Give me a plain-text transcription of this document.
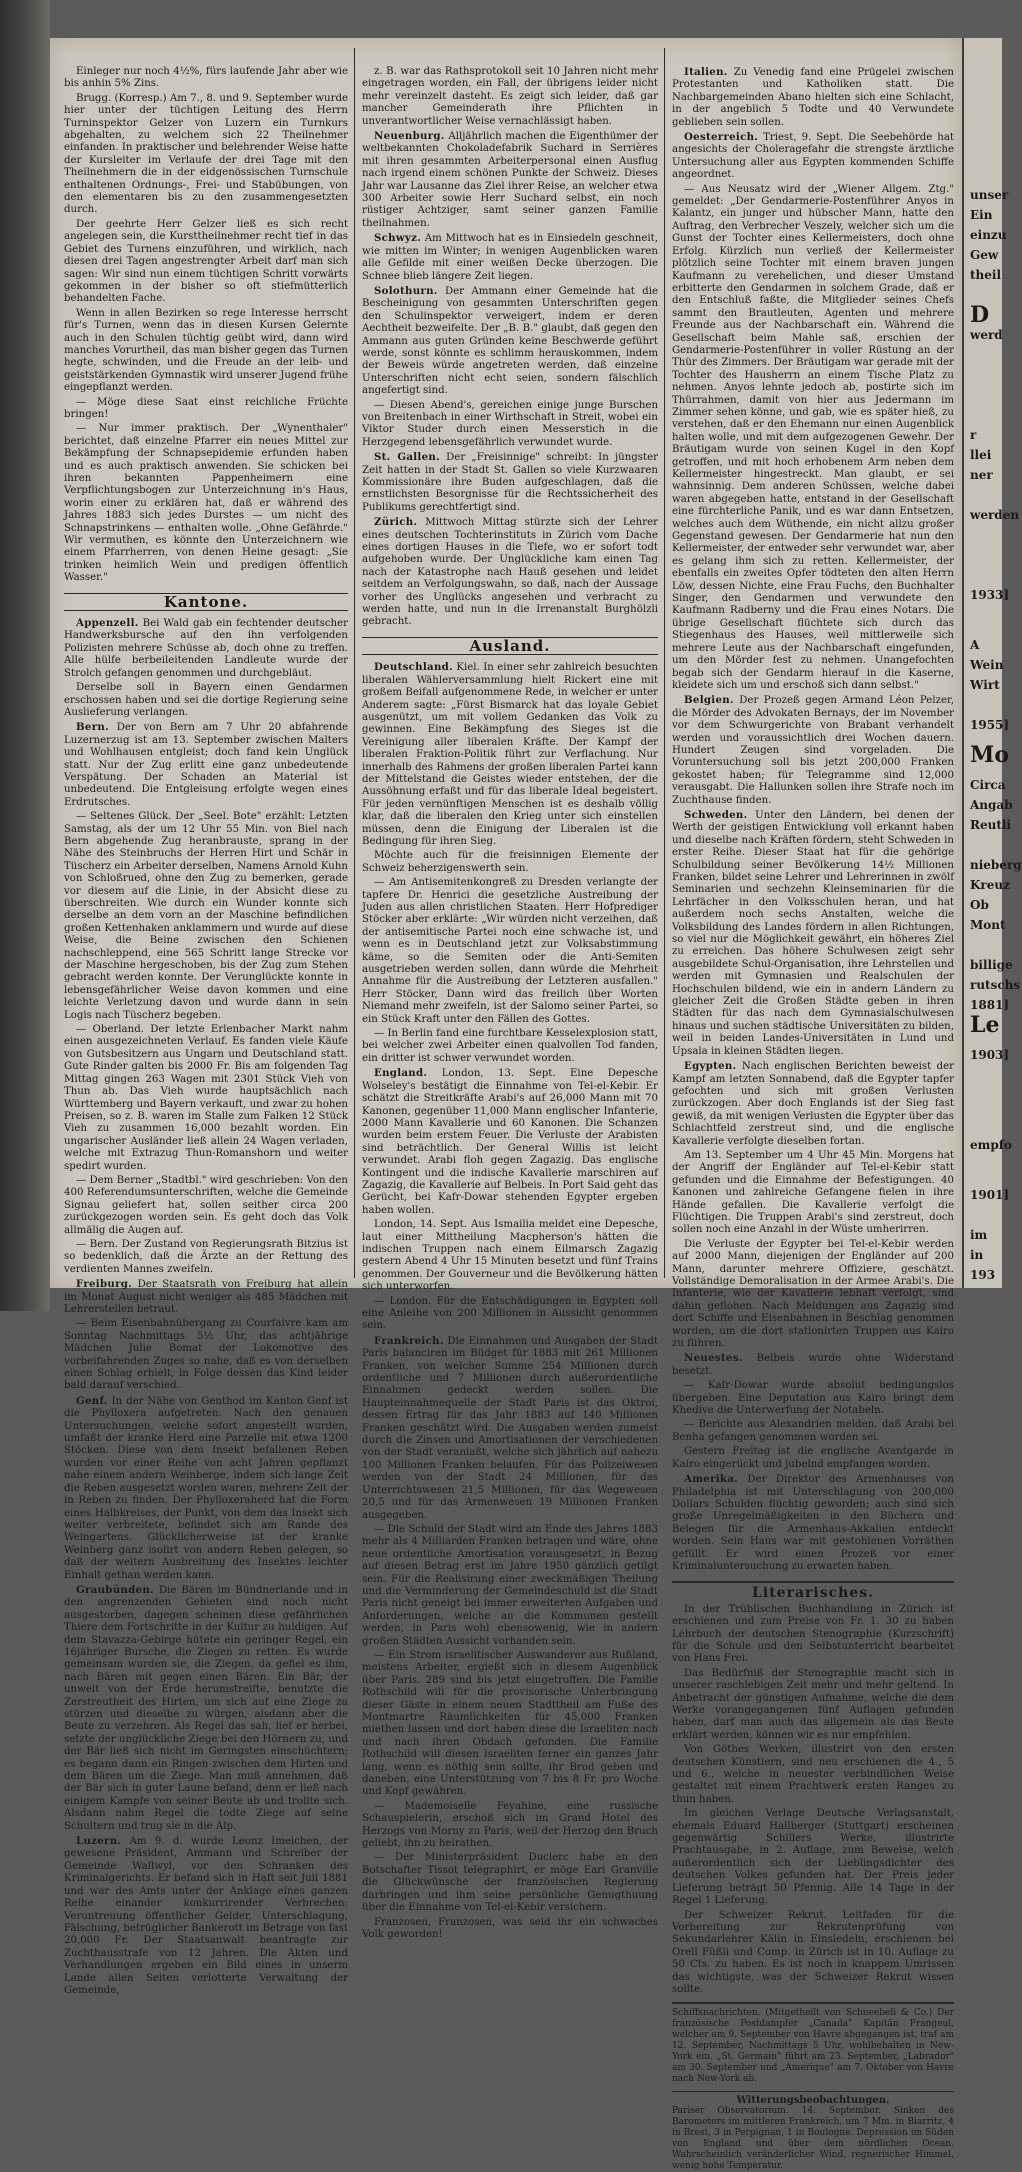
Einleger nur noch 4½%, fürs laufende Jahr aber wie bis anhin 5% Zins.

Brugg. (Korresp.) Am 7., 8. und 9. September wurde hier unter der tüchtigen Leitung des Herrn Turninspektor Gelzer von Luzern ein Turnkurs abgehalten, zu welchem sich 22 Theilnehmer einfanden. In praktischer und belehrender Weise hatte der Kursleiter im Verlaufe der drei Tage mit den Theilnehmern die in der eidgenössischen Turnschule enthaltenen Ordnungs-, Frei- und Stabübungen, von den elementaren bis zu den zusammengesetzten durch.

Der geehrte Herr Gelzer ließ es sich recht angelegen sein, die Kursttheilnehmer recht tief in das Gebiet des Turnens einzuführen, und wirklich, nach diesen drei Tagen angestrengter Arbeit darf man sich sagen: Wir sind nun einem tüchtigen Schritt vorwärts gekommen in der bisher so oft stiefmütterlich behandelten Fache.

Wenn in allen Bezirken so rege Interesse herrscht für's Turnen, wenn das in diesen Kursen Gelernte auch in den Schulen tüchtig geübt wird, dann wird manches Vorurtheil, das man bisher gegen das Turnen hegte, schwinden, und die Freude an der leib- und geiststärkenden Gymnastik wird unserer Jugend frühe eingepflanzt werden.

— Möge diese Saat einst reichliche Früchte bringen!

— Nur immer praktisch. Der „Wynenthaler" berichtet, daß einzelne Pfarrer ein neues Mittel zur Bekämpfung der Schnapsepidemie erfunden haben und es auch praktisch anwenden. Sie schicken bei ihren bekannten Pappenheimern eine Verpflichtungsbogen zur Unterzeichnung in's Haus, worin einer zu erklären hat, daß er während des Jahres 1883 sich jedes Durstes — um nicht des Schnapstrinkens — enthalten wolle. „Ohne Gefährde." Wir vermuthen, es könnte den Unterzeichnern wie einem Pfarrherren, von denen Heine gesagt: „Sie trinken heimlich Wein und predigen öffentlich Wasser."

Kantone.

Appenzell. Bei Wald gab ein fechtender deutscher Handwerksbursche auf den ihn verfolgenden Polizisten mehrere Schüsse ab, doch ohne zu treffen. Alle hülfe berbeileitenden Landleute wurde der Strolch gefangen genommen und durchgebläut.

Derselbe soll in Bayern einen Gendarmen erschossen haben und sei die dortige Regierung seine Auslieferung verlangen.

Bern. Der von Bern am 7 Uhr 20 abfahrende Luzernerzug ist am 13. September zwischen Malters und Wohlhausen entgleist; doch fand kein Unglück statt. Nur der Zug erlitt eine ganz unbedeutende Verspätung. Der Schaden an Material ist unbedeutend. Die Entgleisung erfolgte wegen eines Erdrutsches.

— Seltenes Glück. Der „Seel. Bote" erzählt: Letzten Samstag, als der um 12 Uhr 55 Min. von Biel nach Bern abgehende Zug heranbrauste, sprang in der Nähe des Steinbruchs der Herren Hirt und Schär in Tüscherz ein Arbeiter derselben, Namens Arnold Kuhn von Schloßrued, ohne den Zug zu bemerken, gerade vor diesem auf die Linie, in der Absicht diese zu überschreiten. Wie durch ein Wunder konnte sich derselbe an dem vorn an der Maschine befindlichen großen Kettenhaken anklammern und wurde auf diese Weise, die Beine zwischen den Schienen nachschleppend, eine 565 Schritt lange Strecke vor der Maschine hergeschoben, bis der Zug zum Stehen gebracht werden konnte. Der Verunglückte konnte in lebensgefährlicher Weise davon kommen und eine leichte Verletzung davon und wurde dann in sein Logis nach Tüscherz begeben.

— Oberland. Der letzte Erlenbacher Markt nahm einen ausgezeichneten Verlauf. Es fanden viele Käufe von Gutsbesitzern aus Ungarn und Deutschland statt. Gute Rinder galten bis 2000 Fr. Bis am folgenden Tag Mittag gingen 263 Wagen mit 2301 Stück Vieh von Thun ab. Das Vieh wurde hauptsächlich nach Württemberg und Bayern verkauft, und zwar zu hohen Preisen, so z. B. waren im Stalle zum Falken 12 Stück Vieh zu zusammen 16,000 bezahlt worden. Ein ungarischer Ausländer ließ allein 24 Wagen verladen, welche mit Extrazug Thun-Romanshorn und weiter spedirt wurden.

— Dem Berner „Stadtbl." wird geschrieben: Von den 400 Referendumsunterschriften, welche die Gemeinde Signau geliefert hat, sollen seither circa 200 zurückgezogen worden sein. Es geht doch das Volk allmälig die Augen auf.

— Bern. Der Zustand von Regierungsrath Bitzius ist so bedenklich, daß die Ärzte an der Rettung des verdienten Mannes zweifeln.

Freiburg. Der Staatsrath von Freiburg hat allein im Monat August nicht weniger als 485 Mädchen mit Lehrerstellen betraut.

— Beim Eisenbahnübergang zu Courfaivre kam am Sonntag Nachmittags 5½ Uhr, das achtjährige Mädchen Julie Bomat der Lokomotive des vorbeifahrenden Zuges so nahe, daß es von derselben einen Schlag erhielt, in Folge dessen das Kind leider bald darauf verschied.

Genf. In der Nähe von Genthod im Kanton Genf ist die Phylloxera aufgetreten. Nach den genauen Untersuchungen, welche sofort angestellt wurden, umfaßt der kranke Herd eine Parzelle mit etwa 1200 Stöcken. Diese von dem Insekt befallenen Reben wurden vor einer Reihe von acht Jahren gepflanzt nahe einem andern Weinberge, indem sich lange Zeit die Reben ausgesetzt worden waren, mehrere Zeit der in Reben zu finden. Der Phylloxeraherd hat die Form eines Halbkreises, der Punkt, von dem das Insekt sich weiter verbreitete, befindet sich am Rande des Weingartens. Glücklicherweise ist der kranke Weinberg ganz isolirt von andern Reben gelegen, so daß der weitern Ausbreitung des Insektes leichter Einhalt gethan werden kann.

Graubünden. Die Bären im Bündnerlande und in den angrenzenden Gebieten sind noch nicht ausgestorben, dagegen scheinen diese gefährlichen Thiere dem Fortschritte in der Kultur zu huldigen. Auf dem Stavazza-Gebirge hütete ein geringer Regel, ein 16jähriger Bursche, die Ziegen zu retten. Es wurde gemeinsam wurden sie, die Ziegen, da gefiel es ihm, nach Bären mit gegen einen Bären. Ein Bär, der unweit von der Erde herumstreifte, benutzte die Zerstreutheit des Hirten, um sich auf eine Ziege zu stürzen und dieselbe zu würgen, alsdann aber die Beute zu verzehren. Als Regel das sah, lief er herbei, setzte der unglückliche Ziege bei den Hörnern zu, und der Bär ließ sich nicht im Geringsten einschüchtern; es begann dann ein Ringen zwischen dem Hirten und dem Bären um die Ziege. Man muß annehmen, daß der Bär sich in guter Laune befand, denn er ließ nach einigem Kampfe von seiner Beute ab und trollte sich. Alsdann nahm Regel die todte Ziege auf seine Schultern und trug sie in die Alp.

Luzern. Am 9. d. wurde Leonz Imeichen, der gewesene Präsident, Ammann und Schreiber der Gemeinde Wallwyl, vor den Schranken des Kriminalgerichts. Er befand sich in Haft seit Juli 1881 und war des Amts unter der Anklage eines ganzen Reihe einander konkurrirender Verbrechen: Veruntreuung öffentlicher Gelder, Unterschlagung, Fälschung, betrüglicher Bankerott im Betrage von fast 20,000 Fr. Der Staatsanwalt beantragte zur Zuchthausstrafe von 12 Jahren. Die Akten und Verhandlungen ergeben ein Bild eines in unserm Lande allen Seiten verlotterte Verwaltung der Gemeinde,

z. B. war das Rathsprotokoll seit 10 Jahren nicht mehr eingetragen worden, ein Fall, der übrigens leider nicht mehr vereinzelt dasteht. Es zeigt sich leider, daß gar mancher Gemeinderath ihre Pflichten in unverantwortlicher Weise vernachlässigt haben.

Neuenburg. Alljährlich machen die Eigenthümer der weltbekannten Chokoladefabrik Suchard in Serrières mit ihren gesammten Arbeiterpersonal einen Ausflug nach irgend einem schönen Punkte der Schweiz. Dieses Jahr war Lausanne das Ziel ihrer Reise, an welcher etwa 300 Arbeiter sowie Herr Suchard selbst, ein noch rüstiger Achtziger, samt seiner ganzen Familie theilnahmen.

Schwyz. Am Mittwoch hat es in Einsiedeln geschneit, wie mitten im Winter; in wenigen Augenblicken waren alle Gefilde mit einer weißen Decke überzogen. Die Schnee blieb längere Zeit liegen.

Solothurn. Der Ammann einer Gemeinde hat die Bescheinigung von gesammten Unterschriften gegen den Schulinspektor verweigert, indem er deren Aechtheit bezweifelte. Der „B. B." glaubt, daß gegen den Ammann aus guten Gründen keine Beschwerde geführt werde, sonst könnte es schlimm herauskommen, indem der Beweis würde angetreten werden, daß einzelne Unterschriften nicht echt seien, sondern fälschlich angefertigt sind.

— Diesen Abend's, gereichen einige junge Burschen von Breitenbach in einer Wirthschaft in Streit, wobei ein Viktor Studer durch einen Messerstich in die Herzgegend lebensgefährlich verwundet wurde.

St. Gallen. Der „Freisinnige" schreibt: In jüngster Zeit hatten in der Stadt St. Gallen so viele Kurzwaaren Kommissionäre ihre Buden aufgeschlagen, daß die ernstlichsten Besorgnisse für die Rechtssicherheit des Publikums gerechtfertigt sind.

Zürich. Mittwoch Mittag stürzte sich der Lehrer eines deutschen Tochterinstituts in Zürich vom Dache eines dortigen Hauses in die Tiefe, wo er sofort todt aufgehoben wurde. Der Unglückliche kam einen Tag nach der Katastrophe nach Hauß gesehen und leidet seitdem an Verfolgungswahn, so daß, nach der Aussage vorher des Unglücks angesehen und verbracht zu werden hatte, und nun in die Irrenanstalt Burghölzli gebracht.

Ausland.

Deutschland. Kiel. In einer sehr zahlreich besuchten liberalen Wählerversammlung hielt Rickert eine mit großem Beifall aufgenommene Rede, in welcher er unter Anderem sagte: „Fürst Bismarck hat das loyale Gebiet ausgenützt, um mit vollem Gedanken das Volk zu gewinnen. Eine Bekämpfung des Sieges ist die Vereinigung aller liberalen Kräfte. Der Kampf der liberalen Fraktion-Politik führt zur Verflachung. Nur innerhalb des Rahmens der großen liberalen Partei kann der Mittelstand die Geistes wieder entstehen, der die Aussöhnung erfaßt und für das liberale Ideal begeistert. Für jeden vernünftigen Menschen ist es deshalb völlig klar, daß die liberalen den Krieg unter sich einstellen müssen, denn die Einigung der Liberalen ist die Bedingung für ihren Sieg.

Möchte auch für die freisinnigen Elemente der Schweiz beherzigenswerth sein.

— Am Antisemitenkongreß zu Dresden verlangte der tapfere Dr. Henrici die gesetzliche Austreibung der Juden aus allen christlichen Staaten. Herr Hofprediger Stöcker aber erklärte: „Wir würden nicht verzeihen, daß der antisemitische Partei noch eine schwache ist, und wenn es in Deutschland jetzt zur Volksabstimmung käme, so die Semiten oder die Anti-Semiten ausgetrieben werden sollen, dann würde die Mehrheit Annahme für die Austreibung der Letzteren ausfallen." Herr Stöcker, Dann wird das freilich über Worten Niemand mehr zweifeln, ist der Salomo seiner Partei, so ein Stück Kraft unter den Fällen des Gottes.

— In Berlin fand eine furchtbare Kesselexplosion statt, bei welcher zwei Arbeiter einen qualvollen Tod fanden, ein dritter ist schwer verwundet worden.

England. London, 13. Sept. Eine Depesche Wolseley's bestätigt die Einnahme von Tel-el-Kebir. Er schätzt die Streitkräfte Arabi's auf 26,000 Mann mit 70 Kanonen, gegenüber 11,000 Mann englischer Infanterie, 2000 Mann Kavallerie und 60 Kanonen. Die Schanzen wurden beim erstem Feuer. Die Verluste der Arabisten sind beträchtlich. Der General Willis ist leicht verwundet. Arabi floh gegen Zagazig. Das englische Kontingent und die indische Kavallerie marschiren auf Zagazig, die Kavallerie auf Belbeis. In Port Said geht das Gerücht, bei Kafr-Dowar stehenden Egypter ergeben haben wollen.

London, 14. Sept. Aus Ismailia meldet eine Depesche, laut einer Mittheilung Macpherson's hätten die indischen Truppen nach einem Eilmarsch Zagazig gestern Abend 4 Uhr 15 Minuten besetzt und fünf Trains genommen. Der Gouverneur und die Bevölkerung hätten sich unterworfen.

— London. Für die Entschädigungen in Egypten soll eine Anleihe von 200 Millionen in Aussicht genommen sein.

Frankreich. Die Einnahmen und Ausgaben der Stadt Paris balanciren im Büdget für 1883 mit 261 Millionen Franken, von welcher Summe 254 Millionen durch ordentliche und 7 Millionen durch außerordentliche Einnahmen gedeckt werden sollen. Die Haupteinnahmequelle der Stadt Paris ist das Oktroi, dessen Ertrag für das Jahr 1883 auf 140 Millionen Franken geschätzt wird. Die Ausgaben werden zumeist durch die Zinsen und Amortisationen der verschiedenen von der Stadt veranlaßt, welche sich jährlich auf nahezu 100 Millionen Franken belaufen. Für das Polizeiwesen werden von der Stadt 24 Millionen, für das Unterrichtswesen 21,5 Millionen, für das Wegewesen 20,5 und für das Armenwesen 19 Millionen Franken ausgegeben.

— Die Schuld der Stadt wird am Ende des Jahres 1883 mehr als 4 Milliarden Franken betragen und wäre, ohne neue ordentliche Amortisation vorausgesetzt, in Bezug auf diesen Betrag erst im Jahre 1950 gänzlich getilgt sein. Für die Realisirung einer zweckmäßigen Theilung und die Verminderung der Gemeindeschuld ist die Stadt Paris nicht geneigt bei immer erweiterten Aufgaben und Anforderungen, welche an die Kommunen gestellt werden, in Paris wohl ebensowenig, wie in andern großen Städten Aussicht vorhanden sein.

— Ein Strom israelitischer Auswanderer aus Rußland, meistens Arbeiter, ergießt sich in diesem Augenblick über Paris. 289 sind bis jetzt eingetroffen. Die Familie Rothschild will für die provisorische Unterbringung dieser Gäste in einem neuen Stadttheil am Fuße des Montmartre Räumlichkeiten für 45,000 Franken miethen lassen und dort haben diese die Israeliten nach und nach ihren Obdach gefunden. Die Familie Rothschild will diesen Israeliten ferner ein ganzes Jahr lang, wenn es nöthig sein sollte, ihr Brod geben und daneben, eine Unterstützung von 7 bis 8 Fr. pro Woche und Kopf gewähren.

— Mademoiselle Feyahine, eine russische Schauspielerin, erschoß sich im Grand Hotel des Herzogs von Morny zu Paris, weil der Herzog den Bruch geliebt, ihn zu heirathen.

— Der Ministerpräsident Duclerc habe an den Botschafter Tissot telegraphirt, er möge Earl Granville die Glückwünsche der französischen Regierung darbringen und ihm seine persönliche Genugthuung über die Einnahme von Tel-el-Kebir versichern.

Franzosen, Franzosen, was seid ihr ein schwaches Volk geworden!

Italien. Zu Venedig fand eine Prügelei zwischen Protestanten und Katholiken statt. Die Nachbargemeinden Abano hielten sich eine Schlacht, in der angeblich 5 Todte und 40 Verwundete geblieben sein sollen.

Oesterreich. Triest, 9. Sept. Die Seebehörde hat angesichts der Choleragefahr die strengste ärztliche Untersuchung aller aus Egypten kommenden Schiffe angeordnet.

— Aus Neusatz wird der „Wiener Allgem. Ztg." gemeldet: „Der Gendarmerie-Postenführer Anyos in Kalantz, ein junger und hübscher Mann, hatte den Auftrag, den Verbrecher Veszely, welcher sich um die Gunst der Tochter eines Kellermeisters, doch ohne Erfolg. Kürzlich nun verließ der Kellermeister plötzlich seine Tochter mit einem braven jungen Kaufmann zu verehelichen, und dieser Umstand erbitterte den Gendarmen in solchem Grade, daß er den Entschluß faßte, die Mitglieder seines Chefs sammt den Brautleuten, Agenten und mehrere Freunde aus der Nachbarschaft ein. Während die Gesellschaft beim Mahle saß, erschien der Gendarmerie-Postenführer in voller Rüstung an der Thür des Zimmers. Der Bräutigam war gerade mit der Tochter des Hausherrn an einem Tische Platz zu nehmen. Anyos lehnte jedoch ab, postirte sich im Thürrahmen, damit von hier aus Jedermann im Zimmer sehen könne, und gab, wie es später hieß, zu verstehen, daß er den Ehemann nur einen Augenblick halten wolle, und mit dem aufgezogenen Gewehr. Der Bräutigam wurde von seinen Kugel in den Kopf getroffen, und mit hoch erhobenem Arm neben dem Kellermeister hingestreckt. Man glaubt, er sei wahnsinnig. Dem anderen Schüssen, welche dabei waren abgegeben hatte, entstand in der Gesellschaft eine fürchterliche Panik, und es war dann Entsetzen, welches auch dem Wüthende, ein nicht allzu großer Gegenstand gewesen. Der Gendarmerie hat nun den Kellermeister, der entweder sehr verwundet war, aber es gelang ihm sich zu retten. Kellermeister, der ebenfalls ein zweites Opfer tödteten den alten Herrn Löw, dessen Nichte, eine Frau Fuchs, den Buchhalter Singer, den Gendarmen und verwundete den Kaufmann Radberny und die Frau eines Notars. Die übrige Gesellschaft flüchtete sich durch das Stiegenhaus des Hauses, weil mittlerweile sich mehrere Leute aus der Nachbarschaft eingefunden, um den Mörder fest zu nehmen. Unangefochten begab sich der Gendarm hierauf in die Kaserne, kleidete sich um und erschoß sich dann selbst."

Belgien. Der Prozeß gegen Armand Léon Pelzer, die Mörder des Advokaten Bernays, der im November vor dem Schwurgerichte von Brabant verhandelt werden und voraussichtlich drei Wochen dauern. Hundert Zeugen sind vorgeladen. Die Voruntersuchung soll bis jetzt 200,000 Franken gekostet haben; für Telegramme sind 12,000 verausgabt. Die Hallunken sollen ihre Strafe noch im Zuchthause finden.

Schweden. Unter den Ländern, bei denen der Werth der geistigen Entwicklung voll erkannt haben und dieselbe nach Kräften fördern, steht Schweden in erster Reihe. Dieser Staat hat für die gehörige Schulbildung seiner Bevölkerung 14½ Millionen Franken, bildet seine Lehrer und Lehrerinnen in zwölf Seminarien und sechzehn Kleinseminarien für die Lehrfächer in den Volksschulen heran, und hat außerdem noch sechs Anstalten, welche die Volksbildung des Landes fördern in allen Richtungen, so viel nur die Möglichkeit gewährt, ein höheres Ziel zu erreichen. Das höhere Schulwesen zeigt sehr ausgebildete Schul-Organisation, ihre Lehrstellen und werden mit Gymnasien und Realschulen der Hochschulen bildend, wie ein in andern Ländern zu gleicher Zeit die Großen Städte geben in ihren Städten für das nach dem Gymnasialschulwesen hinaus und suchen städtische Universitäten zu bilden, weil in beiden Landes-Universitäten in Lund und Upsala in kleinen Städten liegen.

Egypten. Nach englischen Berichten beweist der Kampf am letzten Sonnabend, daß die Egypter tapfer gefochten und sich mit großen Verlusten zurückzogen. Aber doch Englands ist der Sieg fast gewiß, da mit wenigen Verlusten die Egypter über das Schlachtfeld zerstreut sind, und die englische Kavallerie verfolgte dieselben fortan.

Am 13. September um 4 Uhr 45 Min. Morgens hat der Angriff der Engländer auf Tel-el-Kebir statt gefunden und die Einnahme der Befestigungen. 40 Kanonen und zahlreiche Gefangene fielen in ihre Hände gefallen. Die Kavallerie verfolgt die Flüchtigen. Die Truppen Arabi's sind zerstreut, doch sollen noch eine Anzahl in der Wüste umherirren.

Die Verluste der Egypter bei Tel-el-Kebir werden auf 2000 Mann, diejenigen der Engländer auf 200 Mann, darunter mehrere Offiziere, geschätzt. Vollständige Demoralisation in der Armee Arabi's. Die Infanterie, wie der Kavallerie lebhaft verfolgt, sind dahin geflohen. Nach Meldungen aus Zagazig sind dort Schiffe und Eisenbahnen in Beschlag genommen worden, um die dort stationirten Truppen aus Kairo zu führen.

Neuestes. Belbeis wurde ohne Widerstand besetzt.

— Kafr-Dowar wurde absolut bedingungslos übergeben. Eine Deputation aus Kairo bringt dem Khedive die Unterwerfung der Notabeln.

— Berichte aus Alexandrien melden, daß Arabi bei Benha gefangen genommen worden sei.

Gestern Freitag ist die englische Avantgarde in Kairo eingerückt und jubelnd empfangen worden.

Amerika. Der Direktor des Armenhauses von Philadelphia ist mit Unterschlagung von 200,000 Dollars Schulden flüchtig geworden; auch sind sich große Unregelmäßigkeiten in den Büchern und Belegen für die Armenhaus-Akkalien entdeckt worden. Sein Haus war mit gestohlenen Vorräthen gefüllt. Er wird einen Prozeß vor einer Kriminaluntersuchung zu erwarten haben.

Literarisches.

In der Trüblischen Buchhandlung in Zürich ist erschienen und zum Preise von Fr. 1. 30 zu haben Lehrbuch der deutschen Stenographie (Kurzschrift) für die Schule und den Selbstunterricht bearbeitet von Hans Frei.

Das Bedürfniß der Stenographie macht sich in unserer raschlebigen Zeit mehr und mehr geltend. In Anbetracht der günstigen Aufnahme, welche die dem Werke vorangegangenen fünf Auflagen gefunden haben, darf man auch das allgemein als das Beste erklärt werden, können wir es nur empfehlen.

Von Göthes Werken, illustrirt von den ersten deutschen Künstlern, sind neu erschienen die 4., 5 und 6., welche in neuester verbindlichen Weise gestaltet mit einem Prachtwerk ersten Ranges zu thun haben.

Im gleichen Verlage Deutsche Verlagsanstalt, ehemals Eduard Hallberger (Stuttgart) erscheinen gegenwärtig Schillers Werke, illustrirte Prachtausgabe, in 2. Auflage, zum Beweise, welch außerordentlich sich der Lieblingsdichter des deutschen Volkes gefunden hat. Der Preis jeder Lieferung beträgt 50 Pfennig. Alle 14 Tage in der Regel 1 Lieferung.

Der Schweizer Rekrut. Leitfaden für die Vorbereitung zur Rekrutenprüfung von Sekundarlehrer Kälin in Einsiedeln, erschienen bei Orell Füßli und Comp. in Zürich ist in 10. Auflage zu 50 Cts. zu haben. Es ist noch in knappem Umrissen das wichtigste, was der Schweizer Rekrut wissen sollte.

Schiffsnachrichten. (Mitgetheilt von Schneebeli & Co.) Der französische Postdampfer „Canada" Kapitän Frangeul, welcher am 9. September von Havre abgegangen ist, traf am 12. September, Nachmittags 5 Uhr, wohlbehalten in New-York ein. „St. Germain" führt am 23. September, „Labrador" am 30. September und „Amerique" am 7. Oktober von Havre nach New-York ab.
Witterungsbeobachtungen.
Pariser Observatorium. 14. September. Sinken des Barometers im mittleren Frankreich, um 7 Mm. in Biarritz, 4 in Brest, 3 in Perpignan, 1 in Boulogne. Depression im Süden von England und über dem nördlichen Ocean. Wahrscheinlich veränderlicher Wind, regnerischer Himmel, wenig hohe Temperatur.
unser
Ein
einzu
Gew
theil
D
werd
r
llei
ner
werden
1933]
A
Wein
Wirt
1955]
Mo
Circa
Angab
Reutli
nieberg
Kreuz
Ob
Mont
billige
rutschs
1881]
Le
1903]
empfo
1901]
im
in
193
